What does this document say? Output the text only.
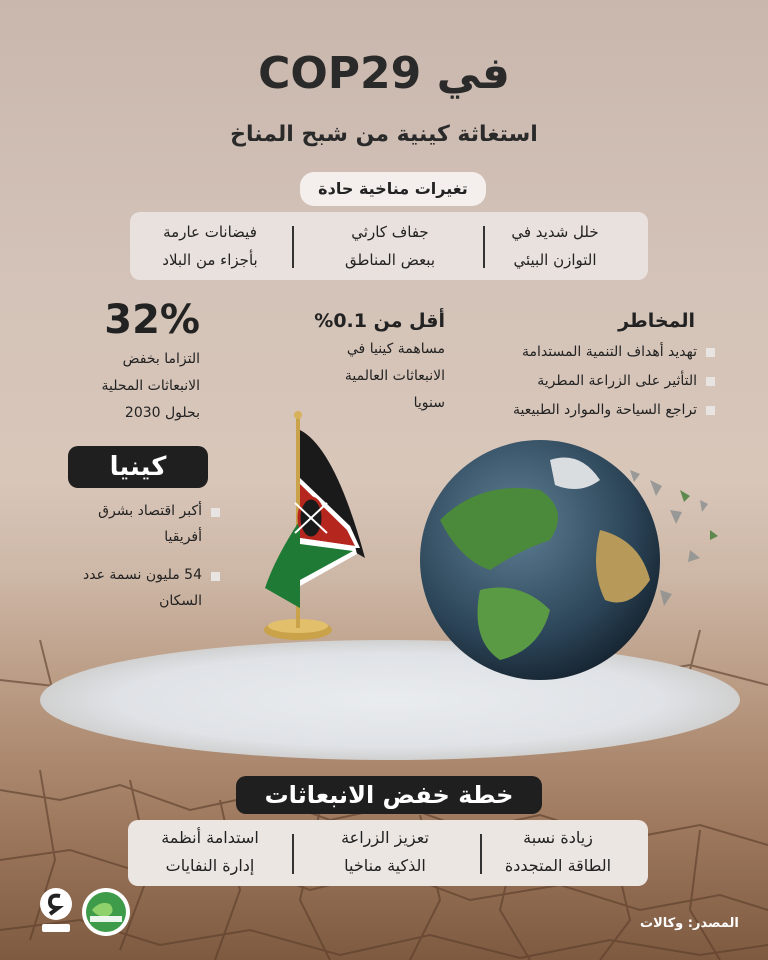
في COP29
استغاثة كينية من شبح المناخ
تغيرات مناخية حادة
خلل شديد في
التوازن البيئي
جفاف كارثي
ببعض المناطق
فيضانات عارمة
بأجزاء من البلاد
المخاطر
تهديد أهداف التنمية المستدامة
التأثير على الزراعة المطرية
تراجع السياحة والموارد الطبيعية
أقل من 0.1%
مساهمة كينيا في
الانبعاثات العالمية
سنويا
32%
التزاما بخفض
الانبعاثات المحلية
بحلول 2030
كينيا
أكبر اقتصاد بشرق
أفريقيا
54 مليون نسمة عدد
السكان
خطة خفض الانبعاثات
زيادة نسبة
الطاقة المتجددة
تعزيز الزراعة
الذكية مناخيا
استدامة أنظمة
إدارة النفايات
المصدر: وكالات
